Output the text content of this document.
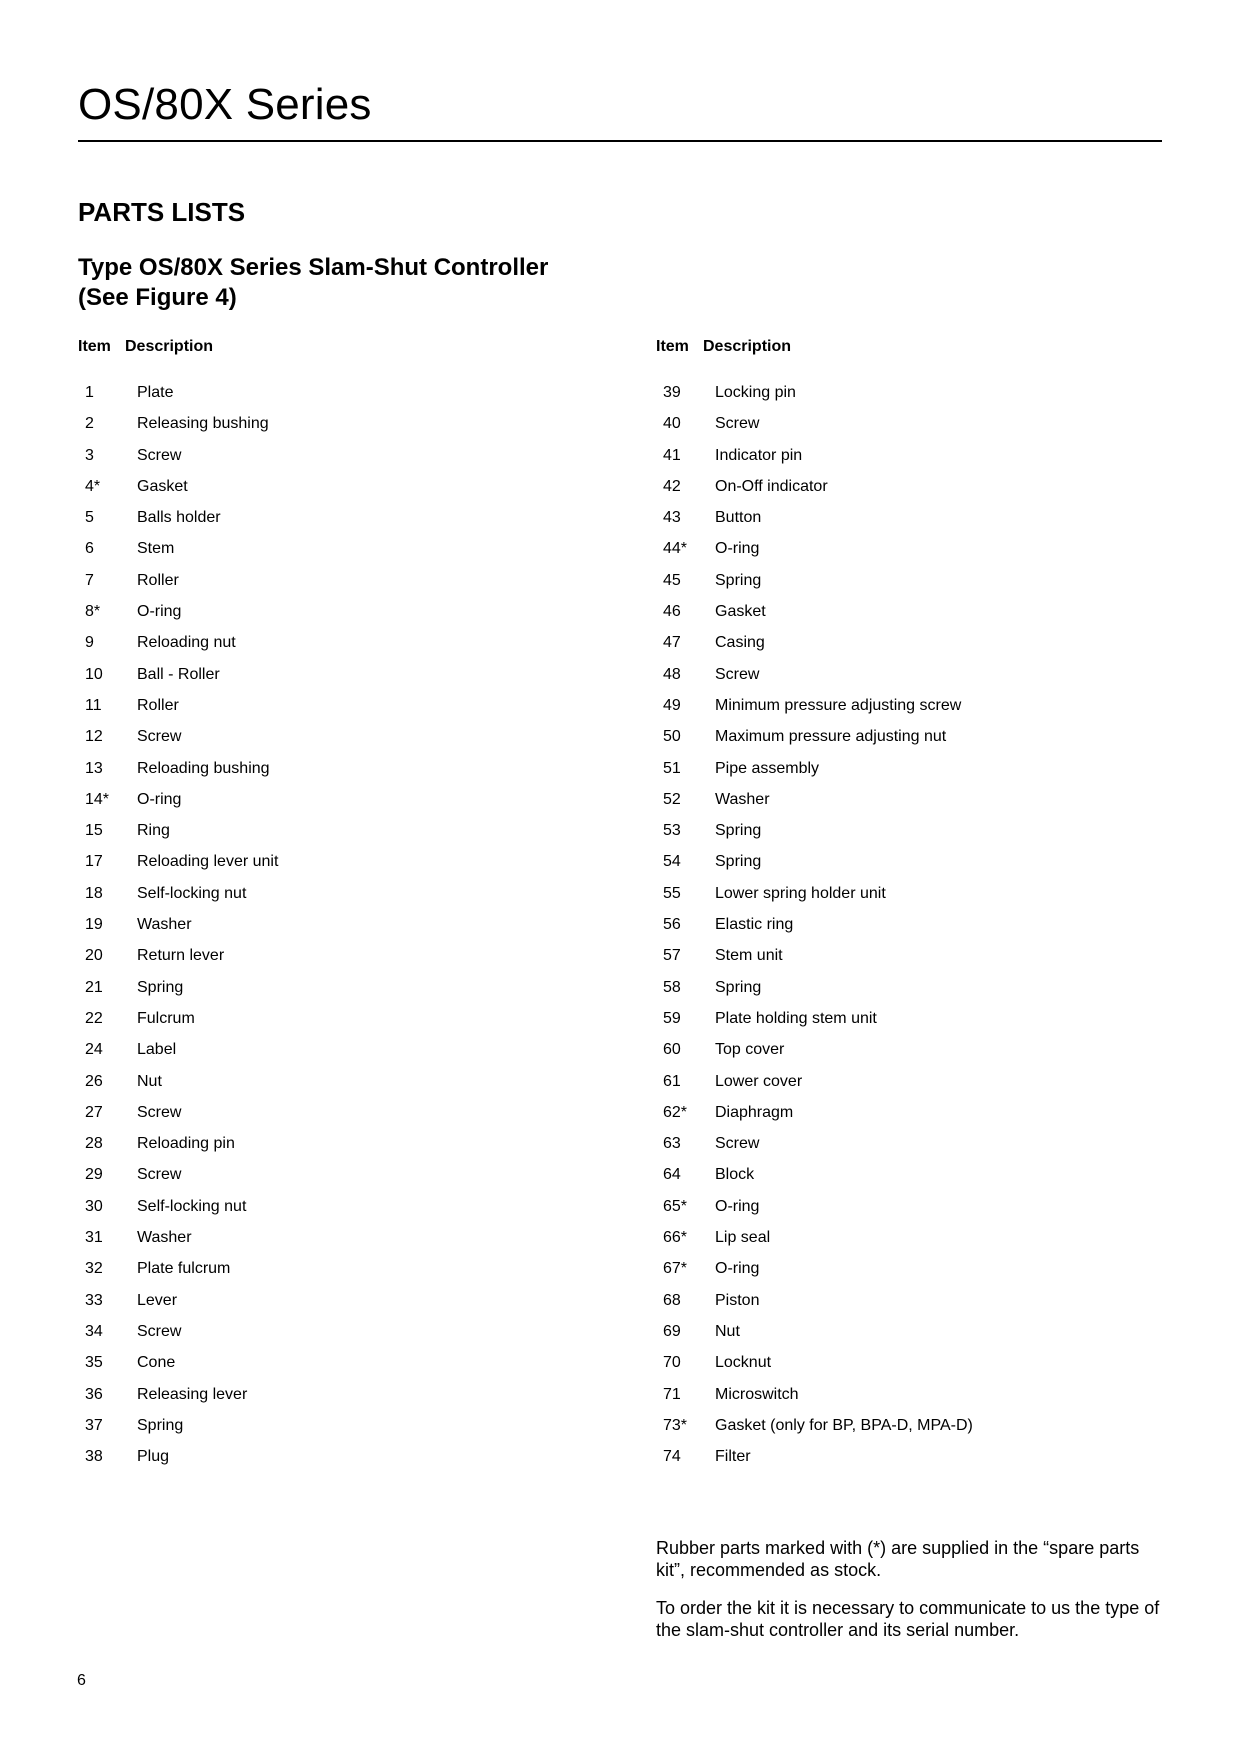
OS/80X Series
PARTS LISTS
Type OS/80X Series Slam-Shut Controller
(See Figure 4)
Item Description
1	Plate
2	Releasing bushing
3	Screw
4* Gasket
5	Balls holder
6	Stem
7	Roller
8* O-ring
9	Reloading nut
10 Ball - Roller
11 Roller
12 Screw
13 Reloading bushing
14* O-ring
15 Ring
17 Reloading lever unit
18 Self-locking nut
19 Washer
20 Return lever
21 Spring
22 Fulcrum
24 Label
26 Nut
27 Screw
28 Reloading pin
29 Screw
30 Self-locking nut
31 Washer
32 Plate fulcrum
33 Lever
34 Screw
35 Cone
36 Releasing lever
37 Spring
38 Plug
Item Description
39 Locking pin
40 Screw
41 Indicator pin
42 On-Off indicator
43 Button
44* O-ring
45 Spring
46 Gasket
47 Casing
48 Screw
49 Minimum pressure adjusting screw
50 Maximum pressure adjusting nut
51 Pipe assembly
52 Washer
53 Spring
54 Spring
55 Lower spring holder unit
56 Elastic ring
57 Stem unit
58 Spring
59 Plate holding stem unit
60 Top cover
61 Lower cover
62* Diaphragm
63 Screw
64 Block
65* O-ring
66* Lip seal
67* O-ring
68 Piston
69 Nut
70 Locknut
71 Microswitch
73* Gasket (only for BP, BPA-D, MPA-D)
74 Filter

Rubber parts marked with (*) are supplied in the “spare parts kit”, recommended as stock.

To order the kit it is necessary to communicate to us the type of the slam-shut controller and its serial number.

6
